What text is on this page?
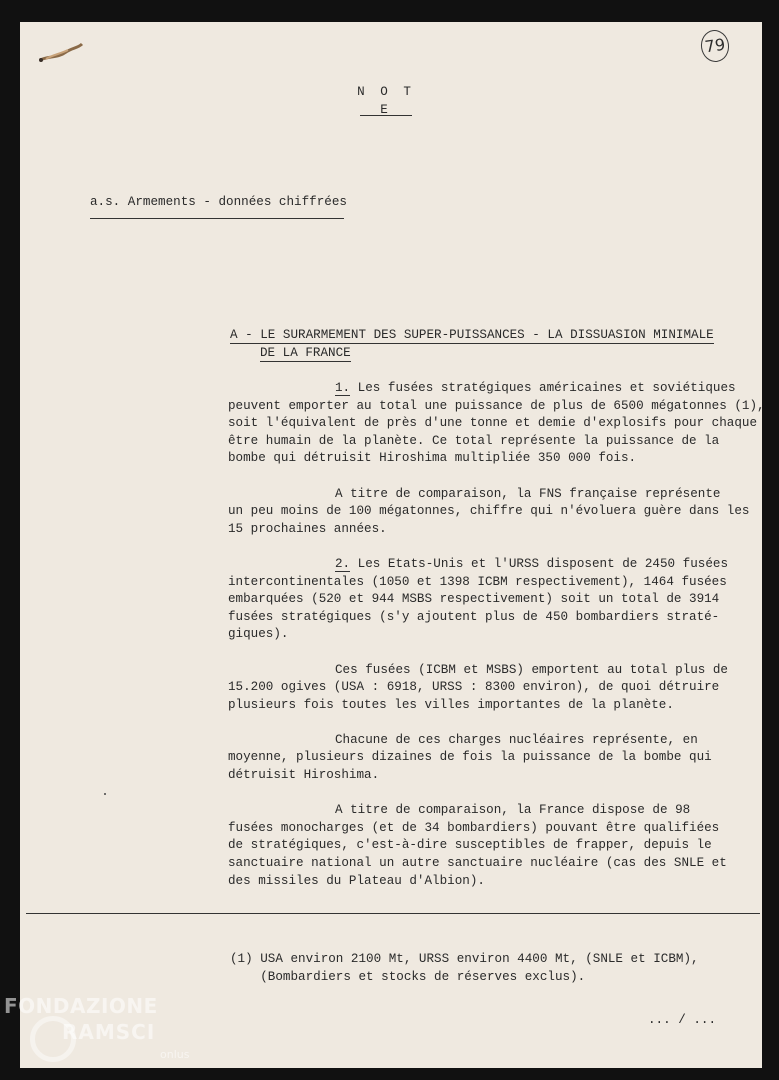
79
N O T E
a.s. Armements - données chiffrées
A - LE SURARMEMENT DES SUPER-PUISSANCES - LA DISSUASION MINIMALE
DE LA FRANCE
1. Les fusées stratégiques américaines et soviétiques
peuvent emporter au total une puissance de plus de 6500 mégatonnes (1),
soit l'équivalent de près d'une tonne et demie d'explosifs pour chaque
être humain de la planète. Ce total représente la puissance de la
bombe qui détruisit Hiroshima multipliée 350 000 fois.
A titre de comparaison, la FNS française représente
un peu moins de 100 mégatonnes, chiffre qui n'évoluera guère dans les
15 prochaines années.
2. Les Etats-Unis et l'URSS disposent de 2450 fusées
intercontinentales (1050 et 1398 ICBM respectivement), 1464 fusées
embarquées (520 et 944 MSBS respectivement) soit un total de 3914
fusées stratégiques (s'y ajoutent plus de 450 bombardiers straté-
giques).
Ces fusées (ICBM et MSBS) emportent au total plus de
15.200 ogives (USA : 6918, URSS : 8300 environ), de quoi détruire
plusieurs fois toutes les villes importantes de la planète.
Chacune de ces charges nucléaires représente, en
moyenne, plusieurs dizaines de fois la puissance de la bombe qui
détruisit Hiroshima.
A titre de comparaison, la France dispose de 98
fusées monocharges (et de 34 bombardiers) pouvant être qualifiées
de stratégiques, c'est-à-dire susceptibles de frapper, depuis le
sanctuaire national un autre sanctuaire nucléaire (cas des SNLE et
des missiles du Plateau d'Albion).
(1) USA environ 2100 Mt, URSS environ 4400 Mt, (SNLE et ICBM),
(Bombardiers et stocks de réserves exclus).
... / ...
FONDAZIONE
RAMSCI
onlus
